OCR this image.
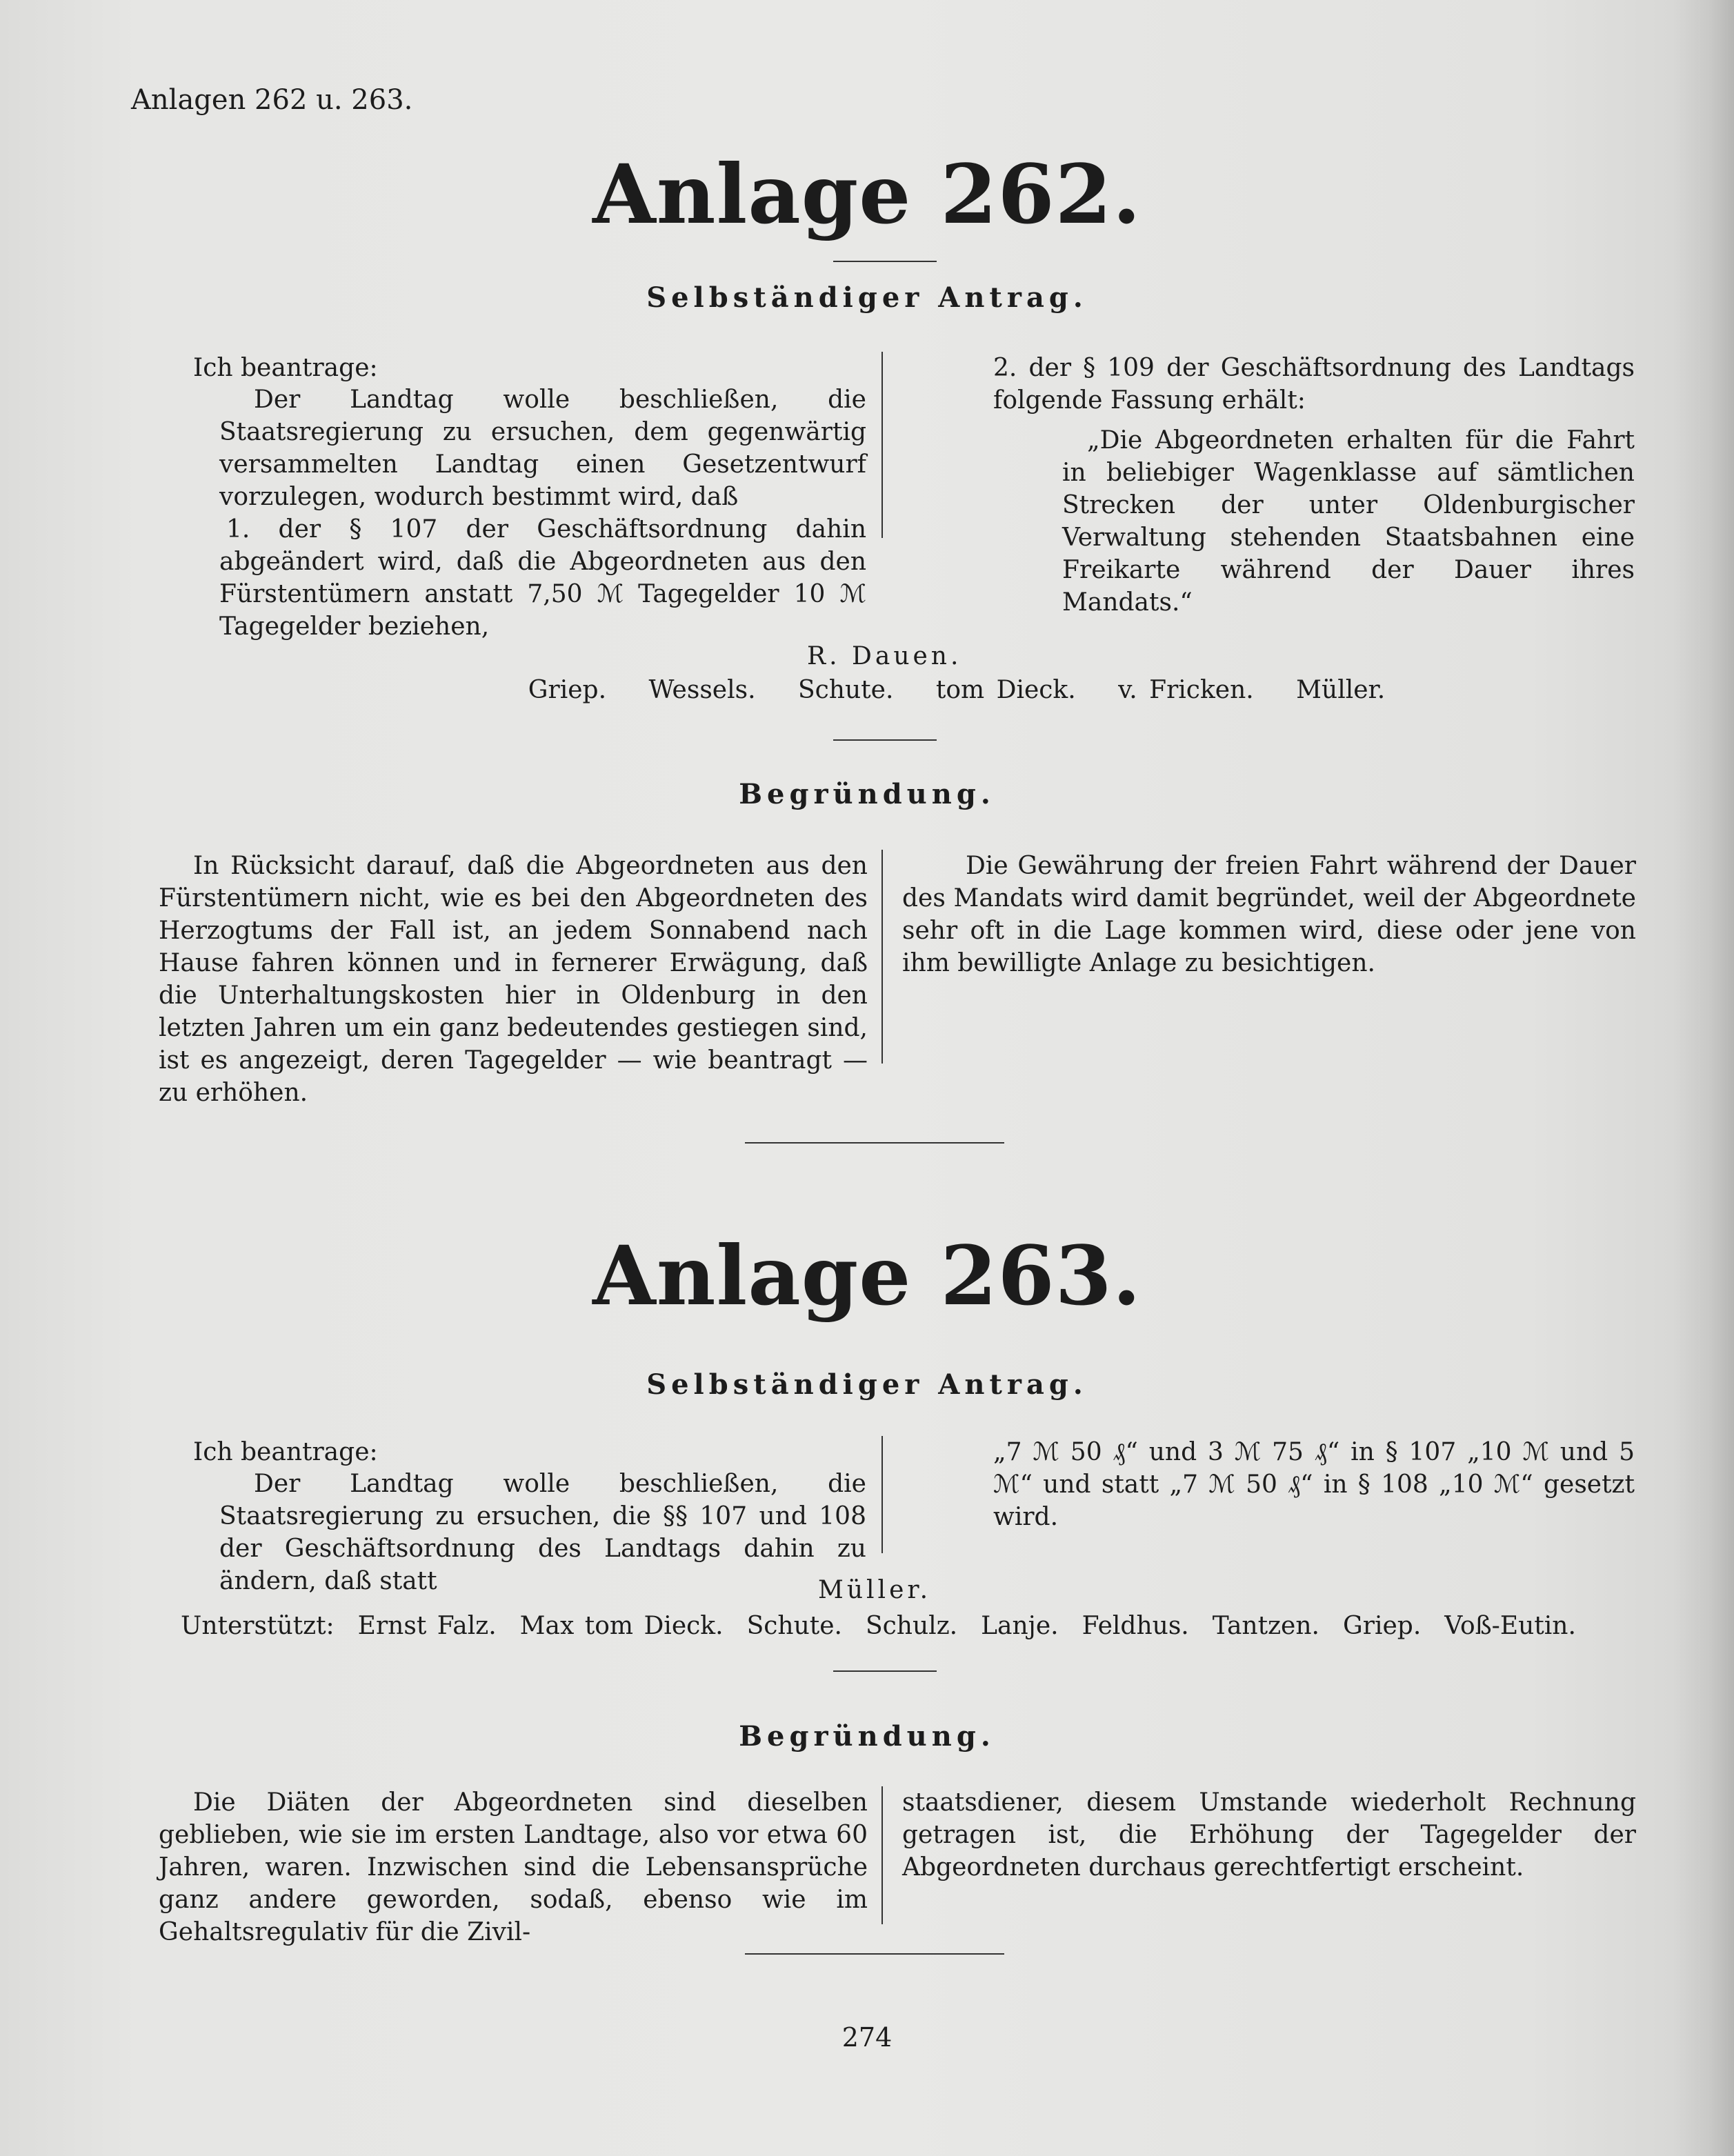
Anlagen 262 u. 263.
Anlage 262.
Selbständiger Antrag.
Ich beantrage:
Der Landtag wolle beschließen, die Staatsregierung zu ersuchen, dem gegenwärtig versammelten Landtag einen Gesetzentwurf vorzulegen, wodurch bestimmt wird, daß
1. der § 107 der Geschäftsordnung dahin abgeändert wird, daß die Abgeordneten aus den Fürstentümern anstatt 7,50 ℳ Tagegelder 10 ℳ Tagegelder beziehen,
2. der § 109 der Geschäftsordnung des Landtags folgende Fassung erhält:
„Die Abgeordneten erhalten für die Fahrt in beliebiger Wagenklasse auf sämtlichen Strecken der unter Oldenburgischer Verwaltung stehenden Staatsbahnen eine Freikarte während der Dauer ihres Mandats.“
R. Dauen.
Griep. Wessels. Schute. tom Dieck. v. Fricken. Müller.
Begründung.
In Rücksicht darauf, daß die Abgeordneten aus den Fürstentümern nicht, wie es bei den Abgeordneten des Herzogtums der Fall ist, an jedem Sonnabend nach Hause fahren können und in fernerer Erwägung, daß die Unterhaltungskosten hier in Oldenburg in den letzten Jahren um ein ganz bedeutendes gestiegen sind, ist es angezeigt, deren Tagegelder — wie beantragt — zu erhöhen.
Die Gewährung der freien Fahrt während der Dauer des Mandats wird damit begründet, weil der Abgeordnete sehr oft in die Lage kommen wird, diese oder jene von ihm bewilligte Anlage zu besichtigen.
Anlage 263.
Selbständiger Antrag.
Ich beantrage:
Der Landtag wolle beschließen, die Staatsregierung zu ersuchen, die §§ 107 und 108 der Geschäftsordnung des Landtags dahin zu ändern, daß statt
„7 ℳ 50 ₰“ und 3 ℳ 75 ₰“ in § 107 „10 ℳ und 5 ℳ“ und statt „7 ℳ 50 ₰“ in § 108 „10 ℳ“ gesetzt wird.
Müller.
Unterstützt: Ernst Falz. Max tom Dieck. Schute. Schulz. Lanje. Feldhus. Tantzen. Griep. Voß-Eutin.
Begründung.
Die Diäten der Abgeordneten sind dieselben geblieben, wie sie im ersten Landtage, also vor etwa 60 Jahren, waren. Inzwischen sind die Lebensansprüche ganz andere geworden, sodaß, ebenso wie im Gehaltsregulativ für die Zivil-
staatsdiener, diesem Umstande wiederholt Rechnung getragen ist, die Erhöhung der Tagegelder der Abgeordneten durchaus gerechtfertigt erscheint.
274
